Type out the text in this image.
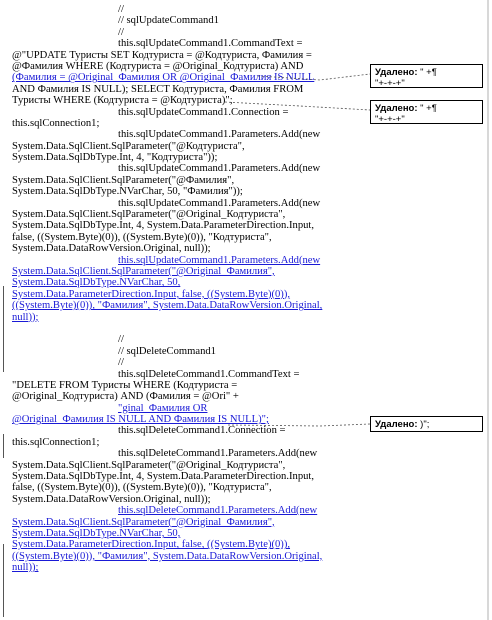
//
// sqlUpdateCommand1
//
this.sqlUpdateCommand1.CommandText =
@"UPDATE Туристы SET Кодтуриста = @Кодтуриста, Фамилия =
@Фамилия WHERE (Кодтуриста = @Original_Кодтуриста) AND
(Фамилия = @Original_Фамилия OR @Original_Фамилия IS NULL
AND Фамилия IS NULL); SELECT Кодтуриста, Фамилия FROM
Туристы WHERE (Кодтуриста = @Кодтуриста)";
this.sqlUpdateCommand1.Connection =
this.sqlConnection1;
this.sqlUpdateCommand1.Parameters.Add(new
System.Data.SqlClient.SqlParameter("@Кодтуриста",
System.Data.SqlDbType.Int, 4, "Кодтуриста"));
this.sqlUpdateCommand1.Parameters.Add(new
System.Data.SqlClient.SqlParameter("@Фамилия",
System.Data.SqlDbType.NVarChar, 50, "Фамилия"));
this.sqlUpdateCommand1.Parameters.Add(new
System.Data.SqlClient.SqlParameter("@Original_Кодтуриста",
System.Data.SqlDbType.Int, 4, System.Data.ParameterDirection.Input,
false, ((System.Byte)(0)), ((System.Byte)(0)), "Кодтуриста",
System.Data.DataRowVersion.Original, null));
this.sqlUpdateCommand1.Parameters.Add(new
System.Data.SqlClient.SqlParameter("@Original_Фамилия",
System.Data.SqlDbType.NVarChar, 50,
System.Data.ParameterDirection.Input, false, ((System.Byte)(0)),
((System.Byte)(0)), "Фамилия", System.Data.DataRowVersion.Original,
null));
//
// sqlDeleteCommand1
//
this.sqlDeleteCommand1.CommandText =
"DELETE FROM Туристы WHERE (Кодтуриста =
@Original_Кодтуриста) AND (Фамилия = @Ori" +
"ginal_Фамилия OR
@Original_Фамилия IS NULL AND Фамилия IS NULL)";
this.sqlDeleteCommand1.Connection =
this.sqlConnection1;
this.sqlDeleteCommand1.Parameters.Add(new
System.Data.SqlClient.SqlParameter("@Original_Кодтуриста",
System.Data.SqlDbType.Int, 4, System.Data.ParameterDirection.Input,
false, ((System.Byte)(0)), ((System.Byte)(0)), "Кодтуриста",
System.Data.DataRowVersion.Original, null));
this.sqlDeleteCommand1.Parameters.Add(new
System.Data.SqlClient.SqlParameter("@Original_Фамилия",
System.Data.SqlDbType.NVarChar, 50,
System.Data.ParameterDirection.Input, false, ((System.Byte)(0)),
((System.Byte)(0)), "Фамилия", System.Data.DataRowVersion.Original,
null));
Удалено: " +¶
"+-+-+"
Удалено: " +¶
"+-+-+"
Удалено: )";
